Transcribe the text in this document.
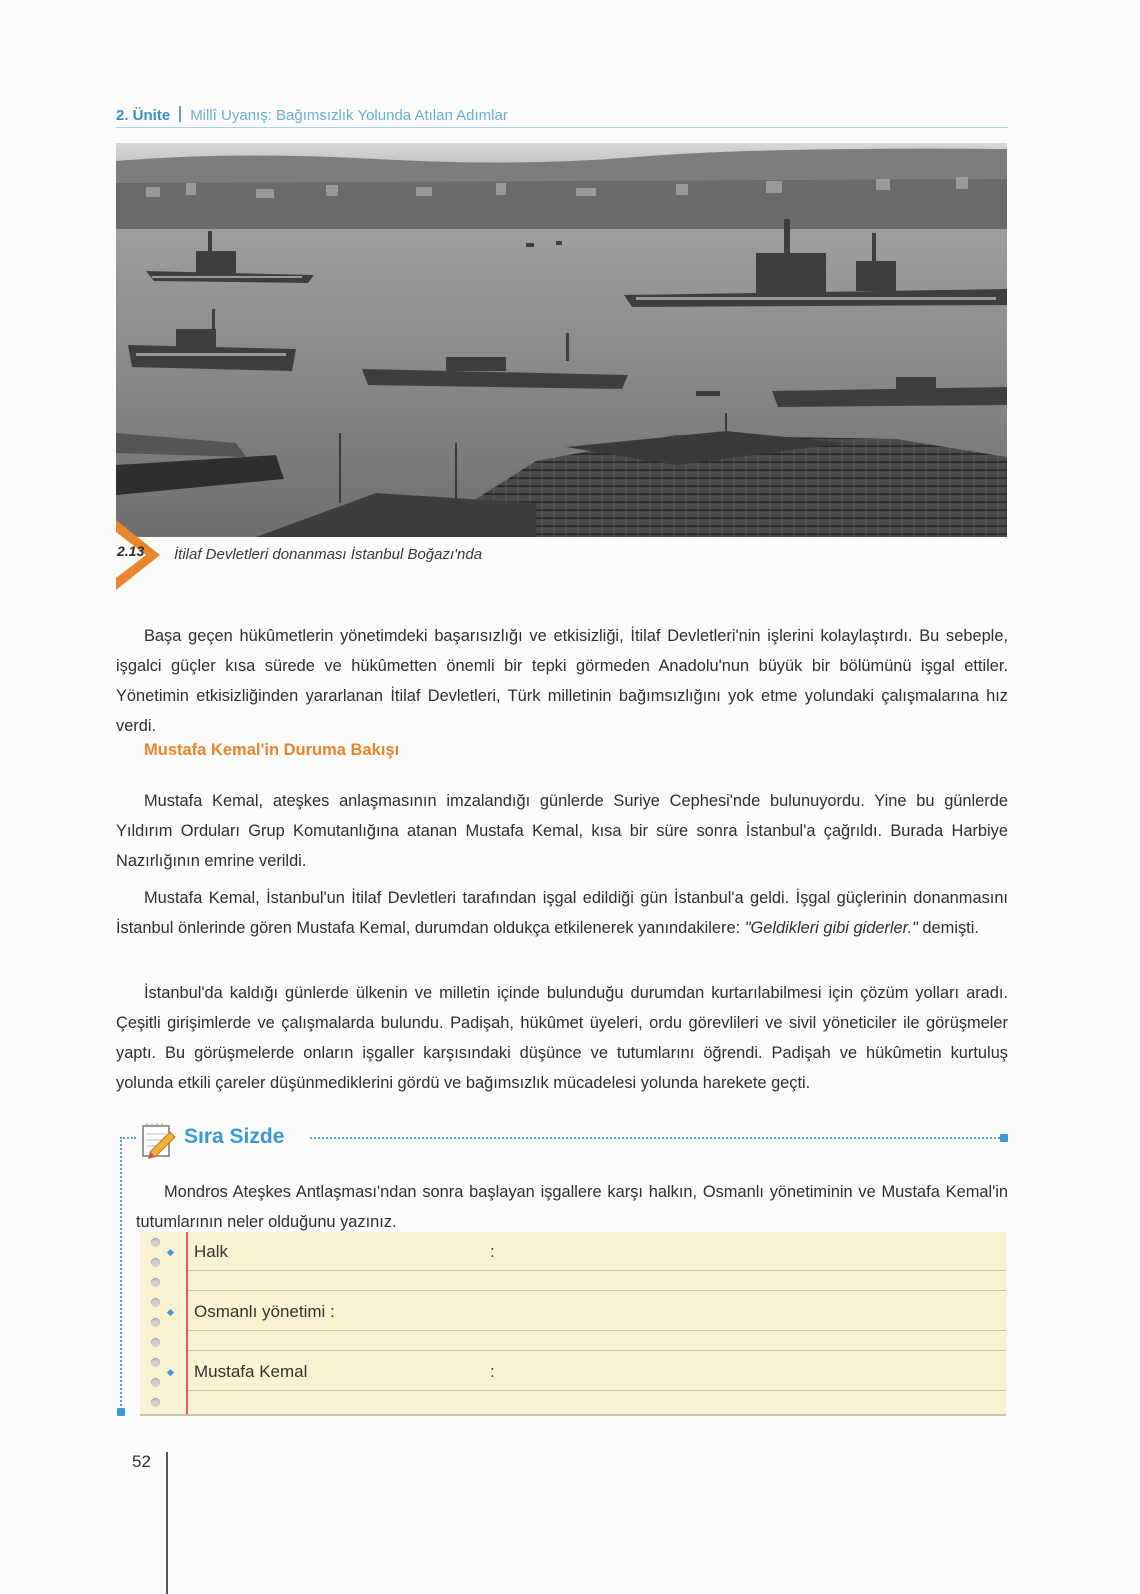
2. Ünite Millî Uyanış: Bağımsızlık Yolunda Atılan Adımlar
2.13 İtilaf Devletleri donanması İstanbul Boğazı'nda

Başa geçen hükûmetlerin yönetimdeki başarısızlığı ve etkisizliği, İtilaf Devletleri'nin işlerini kolaylaştırdı. Bu sebeple, işgalci güçler kısa sürede ve hükûmetten önemli bir tepki görmeden Anadolu'nun büyük bir bölümünü işgal ettiler. Yönetimin etkisizliğinden yararlanan İtilaf Devletleri, Türk milletinin bağımsızlığını yok etme yolundaki çalışmalarına hız verdi.

Mustafa Kemal'in Duruma Bakışı

Mustafa Kemal, ateşkes anlaşmasının imzalandığı günlerde Suriye Cephesi'nde bulunuyordu. Yine bu günlerde Yıldırım Orduları Grup Komutanlığına atanan Mustafa Kemal, kısa bir süre sonra İstanbul'a çağrıldı. Burada Harbiye Nazırlığının emrine verildi.

Mustafa Kemal, İstanbul'un İtilaf Devletleri tarafından işgal edildiği gün İstanbul'a geldi. İşgal güçlerinin donanmasını İstanbul önlerinde gören Mustafa Kemal, durumdan oldukça etkilenerek yanındakilere: "Geldikleri gibi giderler." demişti.

İstanbul'da kaldığı günlerde ülkenin ve milletin içinde bulunduğu durumdan kurtarılabilmesi için çözüm yolları aradı. Çeşitli girişimlerde ve çalışmalarda bulundu. Padişah, hükûmet üyeleri, ordu görevlileri ve sivil yöneticiler ile görüşmeler yaptı. Bu görüşmelerde onların işgaller karşısındaki düşünce ve tutumlarını öğrendi. Padişah ve hükûmetin kurtuluş yolunda etkili çareler düşünmediklerini gördü ve bağımsızlık mücadelesi yolunda harekete geçti.

Sıra Sizde

Mondros Ateşkes Antlaşması'ndan sonra başlayan işgallere karşı halkın, Osmanlı yönetiminin ve Mustafa Kemal'in tutumlarının neler olduğunu yazınız.

Halk	:
Osmanlı yönetimi :
Mustafa Kemal	:
52
